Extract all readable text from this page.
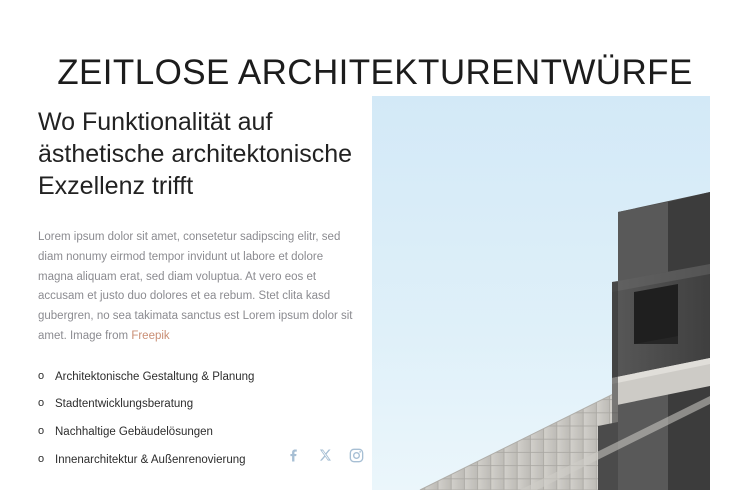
ZEITLOSE ARCHITEKTURENTWÜRFE
Wo Funktionalität auf ästhetische architektonische Exzellenz trifft

Lorem ipsum dolor sit amet, consetetur sadipscing elitr, sed diam nonumy eirmod tempor invidunt ut labore et dolore magna aliquam erat, sed diam voluptua. At vero eos et accusam et justo duo dolores et ea rebum. Stet clita kasd gubergren, no sea takimata sanctus est Lorem ipsum dolor sit amet. Image from Freepik

o Architektonische Gestaltung & Planung
o Stadtentwicklungsberatung
o Nachhaltige Gebäudelösungen
o Innenarchitektur & Außenrenovierung
